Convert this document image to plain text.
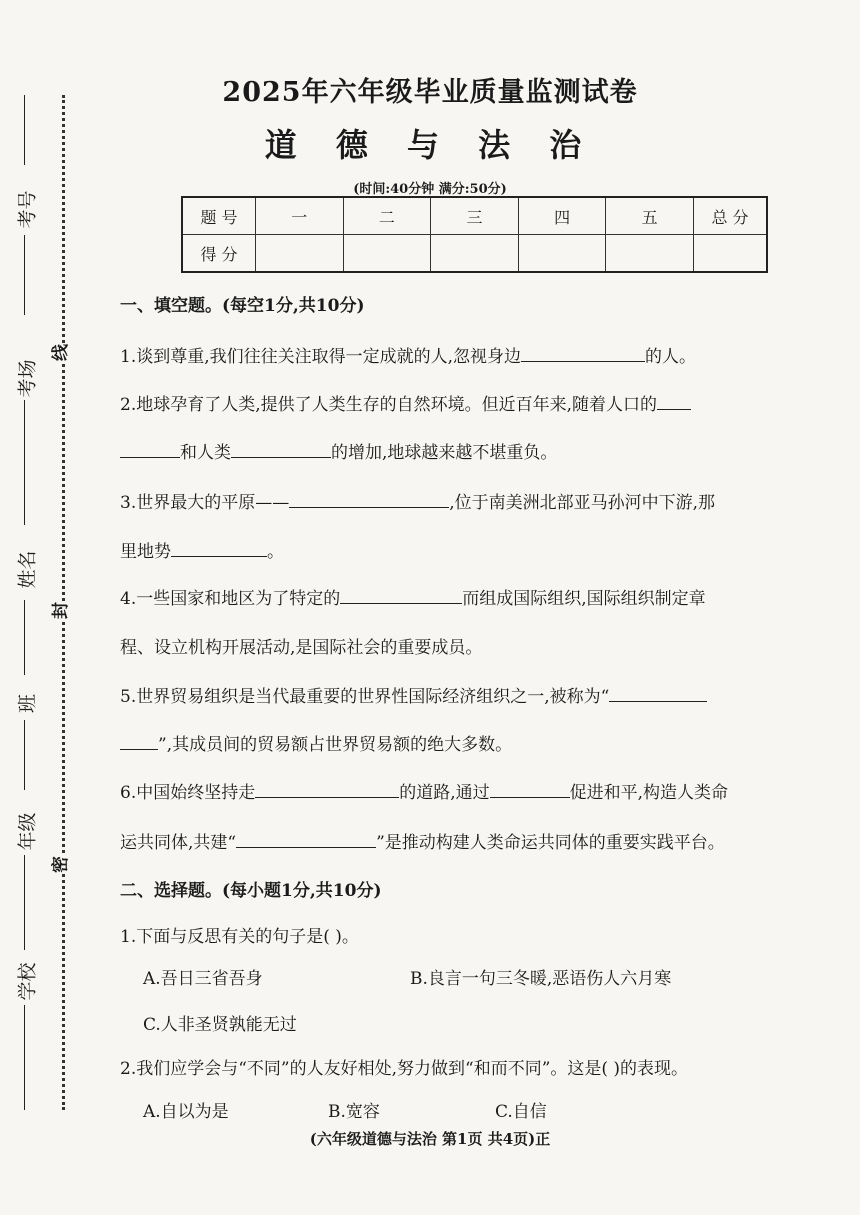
考号
考场
姓名
班
年级
学校
线
封
密
2025年六年级毕业质量监测试卷
道 德 与 法 治
(时间:40分钟 满分:50分)
题 号	一	二	三	四	五	总 分
得 分						
一、填空题。(每空1分,共10分)
1.谈到尊重,我们往往关注取得一定成就的人,忽视身边	的人。
2.地球孕育了人类,提供了人类生存的自然环境。但近百年来,随着人口的
和人类	的增加,地球越来越不堪重负。
3.世界最大的平原——	,位于南美洲北部亚马孙河中下游,那
里地势	。
4.一些国家和地区为了特定的	而组成国际组织,国际组织制定章
程、设立机构开展活动,是国际社会的重要成员。
5.世界贸易组织是当代最重要的世界性国际经济组织之一,被称为“
”,其成员间的贸易额占世界贸易额的绝大多数。
6.中国始终坚持走	的道路,通过	促进和平,构造人类命
运共同体,共建“	”是推动构建人类命运共同体的重要实践平台。
二、选择题。(每小题1分,共10分)
1.下面与反思有关的句子是( )。
A.吾日三省吾身	B.良言一句三冬暖,恶语伤人六月寒
C.人非圣贤孰能无过
2.我们应学会与“不同”的人友好相处,努力做到“和而不同”。这是( )的表现。
A.自以为是	B.宽容	C.自信
(六年级道德与法治 第1页 共4页)正
